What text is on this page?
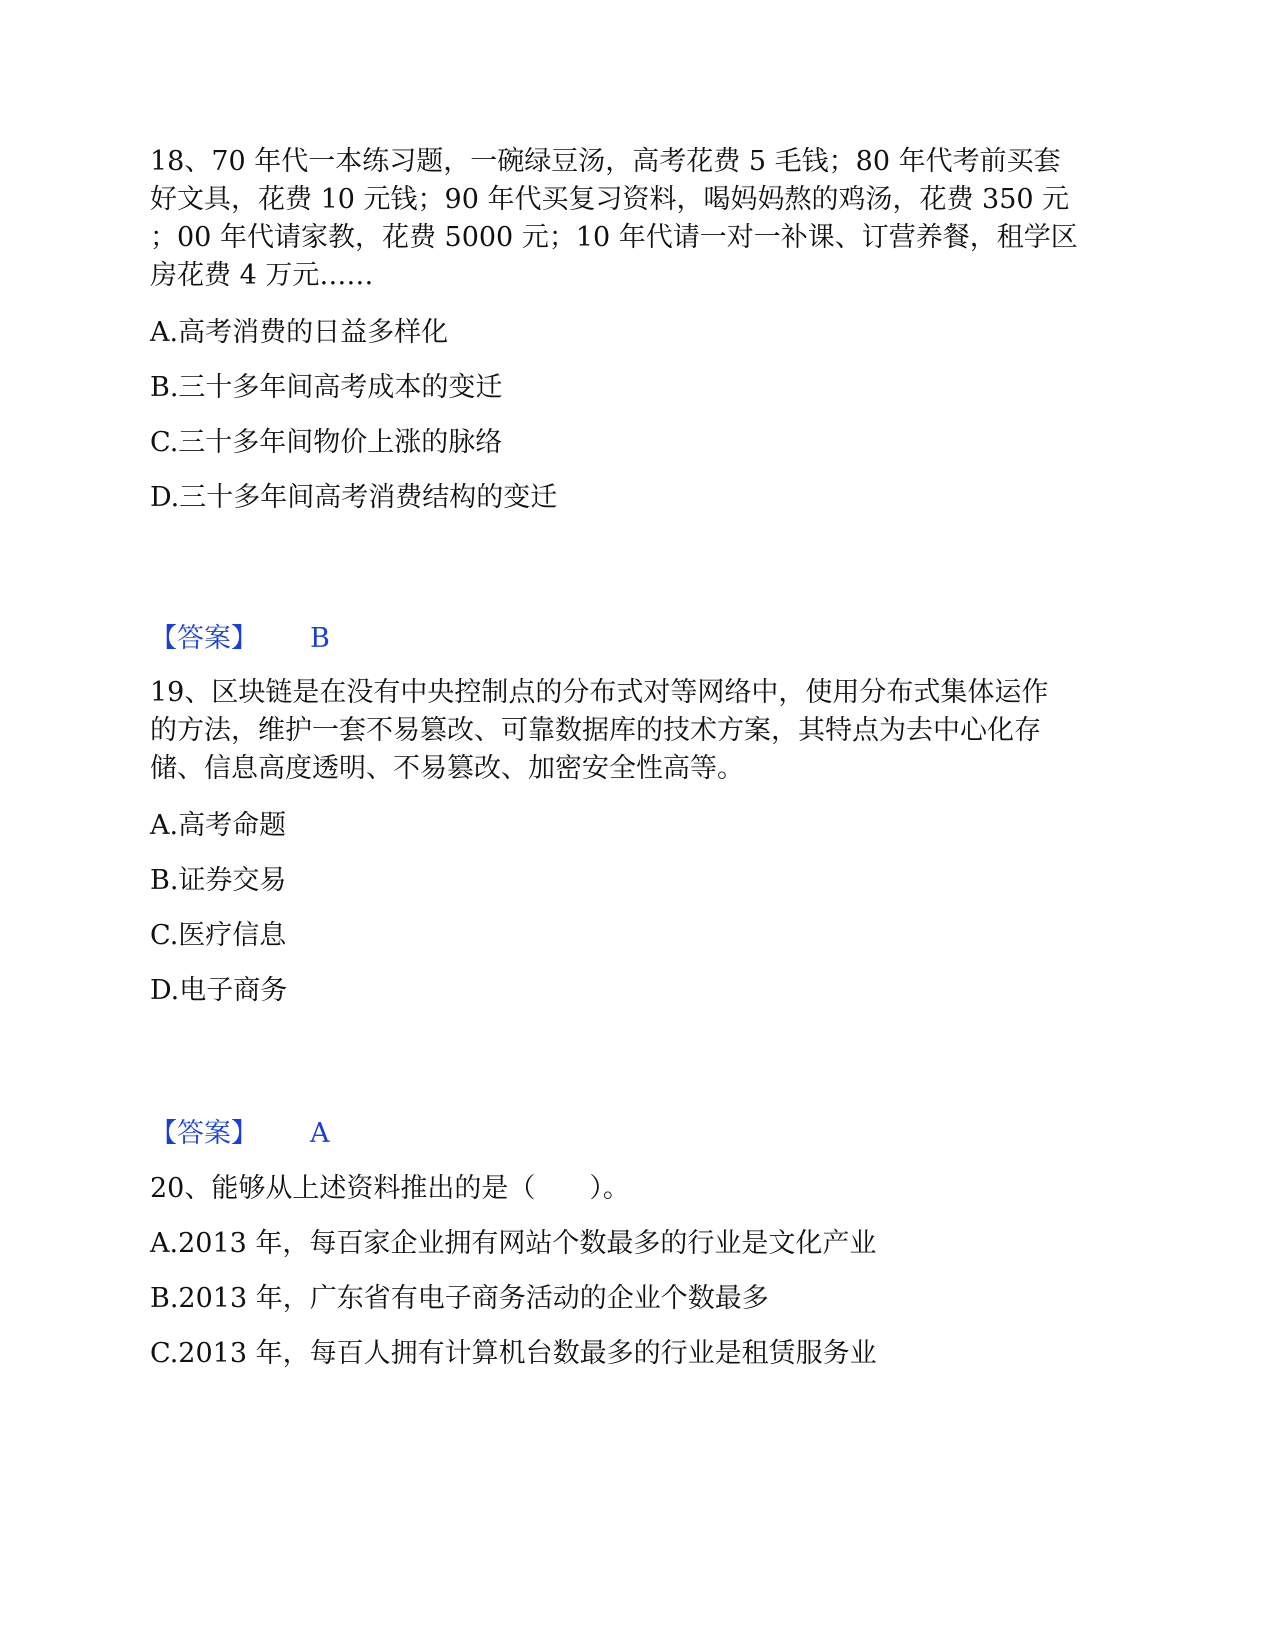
18、70 年代一本练习题，一碗绿豆汤，高考花费 5 毛钱；80 年代考前买套
好文具，花费 10 元钱；90 年代买复习资料，喝妈妈熬的鸡汤，花费 350 元
；00 年代请家教，花费 5000 元；10 年代请一对一补课、订营养餐，租学区
房花费 4 万元……
A.高考消费的日益多样化
B.三十多年间高考成本的变迁
C.三十多年间物价上涨的脉络
D.三十多年间高考消费结构的变迁
【答案】 B
19、区块链是在没有中央控制点的分布式对等网络中，使用分布式集体运作
的方法，维护一套不易篡改、可靠数据库的技术方案，其特点为去中心化存
储、信息高度透明、不易篡改、加密安全性高等。
A.高考命题
B.证券交易
C.医疗信息
D.电子商务
【答案】 A
20、能够从上述资料推出的是（　　）。
A.2013 年，每百家企业拥有网站个数最多的行业是文化产业
B.2013 年，广东省有电子商务活动的企业个数最多
C.2013 年，每百人拥有计算机台数最多的行业是租赁服务业
